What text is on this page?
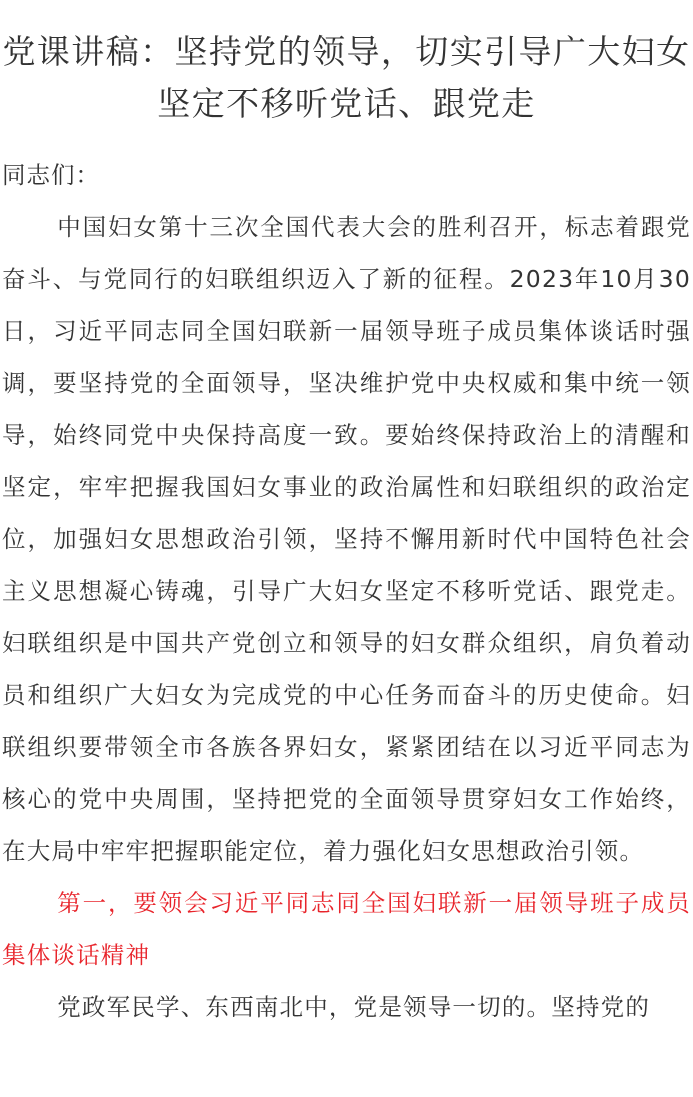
党课讲稿：坚持党的领导，切实引导广大妇女坚定不移听党话、跟党走

同志们：

中国妇女第十三次全国代表大会的胜利召开，标志着跟党奋斗、与党同行的妇联组织迈入了新的征程。2023年10月30日，习近平同志同全国妇联新一届领导班子成员集体谈话时强调，要坚持党的全面领导，坚决维护党中央权威和集中统一领导，始终同党中央保持高度一致。要始终保持政治上的清醒和坚定，牢牢把握我国妇女事业的政治属性和妇联组织的政治定位，加强妇女思想政治引领，坚持不懈用新时代中国特色社会主义思想凝心铸魂，引导广大妇女坚定不移听党话、跟党走。妇联组织是中国共产党创立和领导的妇女群众组织，肩负着动员和组织广大妇女为完成党的中心任务而奋斗的历史使命。妇联组织要带领全市各族各界妇女，紧紧团结在以习近平同志为核心的党中央周围，坚持把党的全面领导贯穿妇女工作始终，在大局中牢牢把握职能定位，着力强化妇女思想政治引领。

第一，要领会习近平同志同全国妇联新一届领导班子成员集体谈话精神

党政军民学、东西南北中，党是领导一切的。坚持党的
